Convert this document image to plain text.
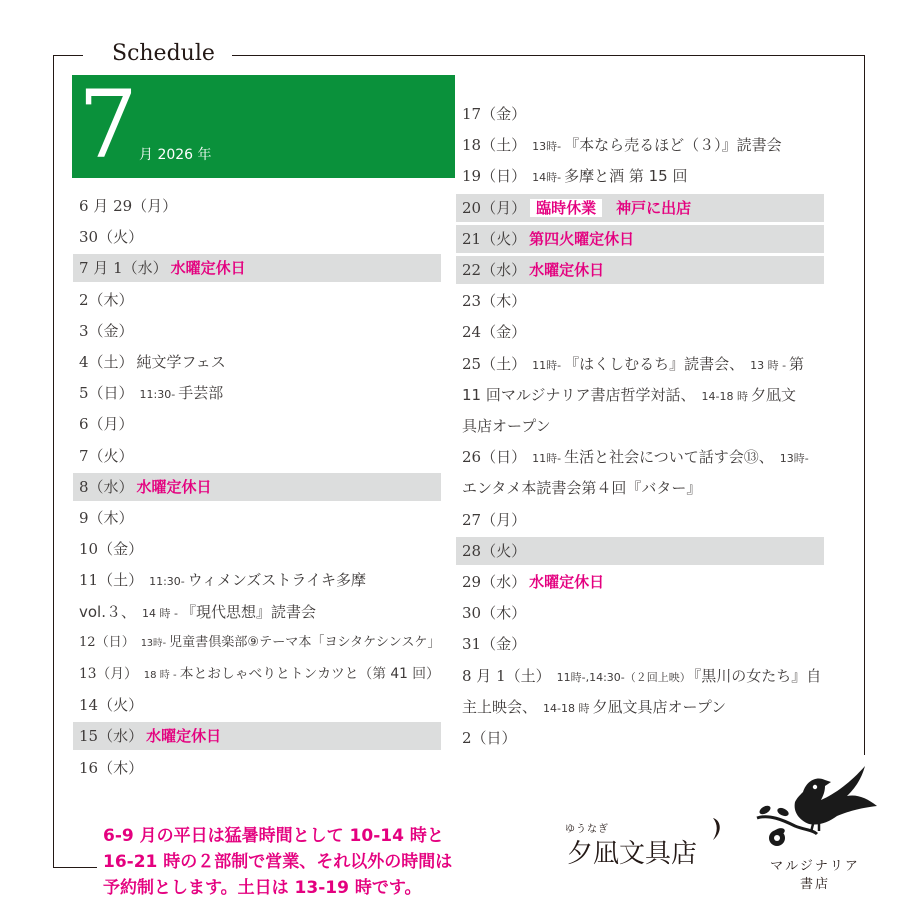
Schedule
7 月 2026 年
6 月 29（月）
30（火）
7 月 1（水） 水曜定休日
2（木）
3（金）
4（土） 純文学フェス
5（日） 11:30- 手芸部
6（月）
7（火）
8（水） 水曜定休日
9（木）
10（金）
11（土） 11:30- ウィメンズストライキ多摩
vol.３、 14 時 - 『現代思想』読書会
12（日） 13時- 児童書倶楽部⑨テーマ本「ヨシタケシンスケ」
13（月） 18 時 - 本とおしゃべりとトンカツと（第 41 回）
14（火）
15（水） 水曜定休日
16（木）
17（金）
18（土） 13時- 『本なら売るほど（３）』読書会
19（日） 14時- 多摩と酒 第 15 回
20（月） 臨時休業 神戸に出店
21（火） 第四火曜定休日
22（水） 水曜定休日
23（木）
24（金）
25（土） 11時- 『はくしむるち』読書会、 13 時 - 第
11 回マルジナリア書店哲学対話、 14-18 時 夕凪文
具店オープン
26（日） 11時- 生活と社会について話す会⑬、 13時-
エンタメ本読書会第４回『バター』
27（月）
28（火）
29（水） 水曜定休日
30（木）
31（金）
8 月 1（土） 11時-,14:30-（２回上映） 『黒川の女たち』自
主上映会、 14-18 時 夕凪文具店オープン
2（日）
6-9 月の平日は猛暑時間として 10-14 時と
16-21 時の２部制で営業、それ以外の時間は
予約制とします。土日は 13-19 時です。
ゆうなぎ
夕凪文具店	マルジナリア
書店
